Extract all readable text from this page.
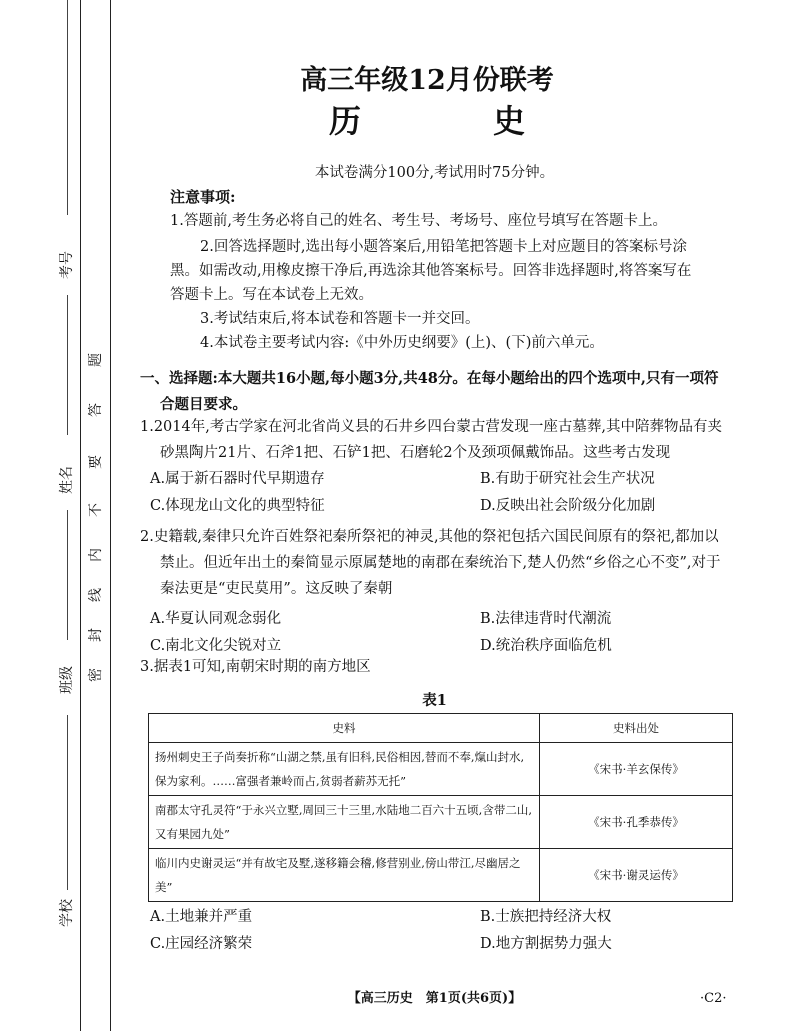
考号
姓名
班级
学校
密
封
线
内
不
要
答
题
高三年级12月份联考
历　史
本试卷满分100分,考试用时75分钟。
注意事项:
1.答题前,考生务必将自己的姓名、考生号、考场号、座位号填写在答题卡上。
2.回答选择题时,选出每小题答案后,用铅笔把答题卡上对应题目的答案标号涂
黑。如需改动,用橡皮擦干净后,再选涂其他答案标号。回答非选择题时,将答案写在
答题卡上。写在本试卷上无效。
3.考试结束后,将本试卷和答题卡一并交回。
4.本试卷主要考试内容:《中外历史纲要》(上)、(下)前六单元。
一、选择题:本大题共16小题,每小题3分,共48分。在每小题给出的四个选项中,只有一项符
合题目要求。
1.2014年,考古学家在河北省尚义县的石井乡四台蒙古营发现一座古墓葬,其中陪葬物品有夹
砂黑陶片21片、石斧1把、石铲1把、石磨轮2个及颈项佩戴饰品。这些考古发现
A.属于新石器时代早期遗存	B.有助于研究社会生产状况
C.体现龙山文化的典型特征	D.反映出社会阶级分化加剧
2.史籍载,秦律只允许百姓祭祀秦所祭祀的神灵,其他的祭祀包括六国民间原有的祭祀,都加以
禁止。但近年出土的秦简显示原属楚地的南郡在秦统治下,楚人仍然“乡俗之心不变”,对于
秦法更是“吏民莫用”。这反映了秦朝
A.华夏认同观念弱化	B.法律违背时代潮流
C.南北文化尖锐对立	D.统治秩序面临危机
3.据表1可知,南朝宋时期的南方地区
A.土地兼并严重	B.士族把持经济大权
C.庄园经济繁荣	D.地方割据势力强大
表1
史料	史料出处
扬州刺史王子尚奏折称“山湖之禁,虽有旧科,民俗相因,替而不奉,熂山封水,保为家利。……富强者兼岭而占,贫弱者薪苏无托”	《宋书·羊玄保传》
南郡太守孔灵符“于永兴立墅,周回三十三里,水陆地二百六十五顷,含带二山,又有果园九处”	《宋书·孔季恭传》
临川内史谢灵运“并有故宅及墅,遂移籍会稽,修营别业,傍山带江,尽幽居之美”	《宋书·谢灵运传》
【高三历史　第1页(共6页)】	·C2·
